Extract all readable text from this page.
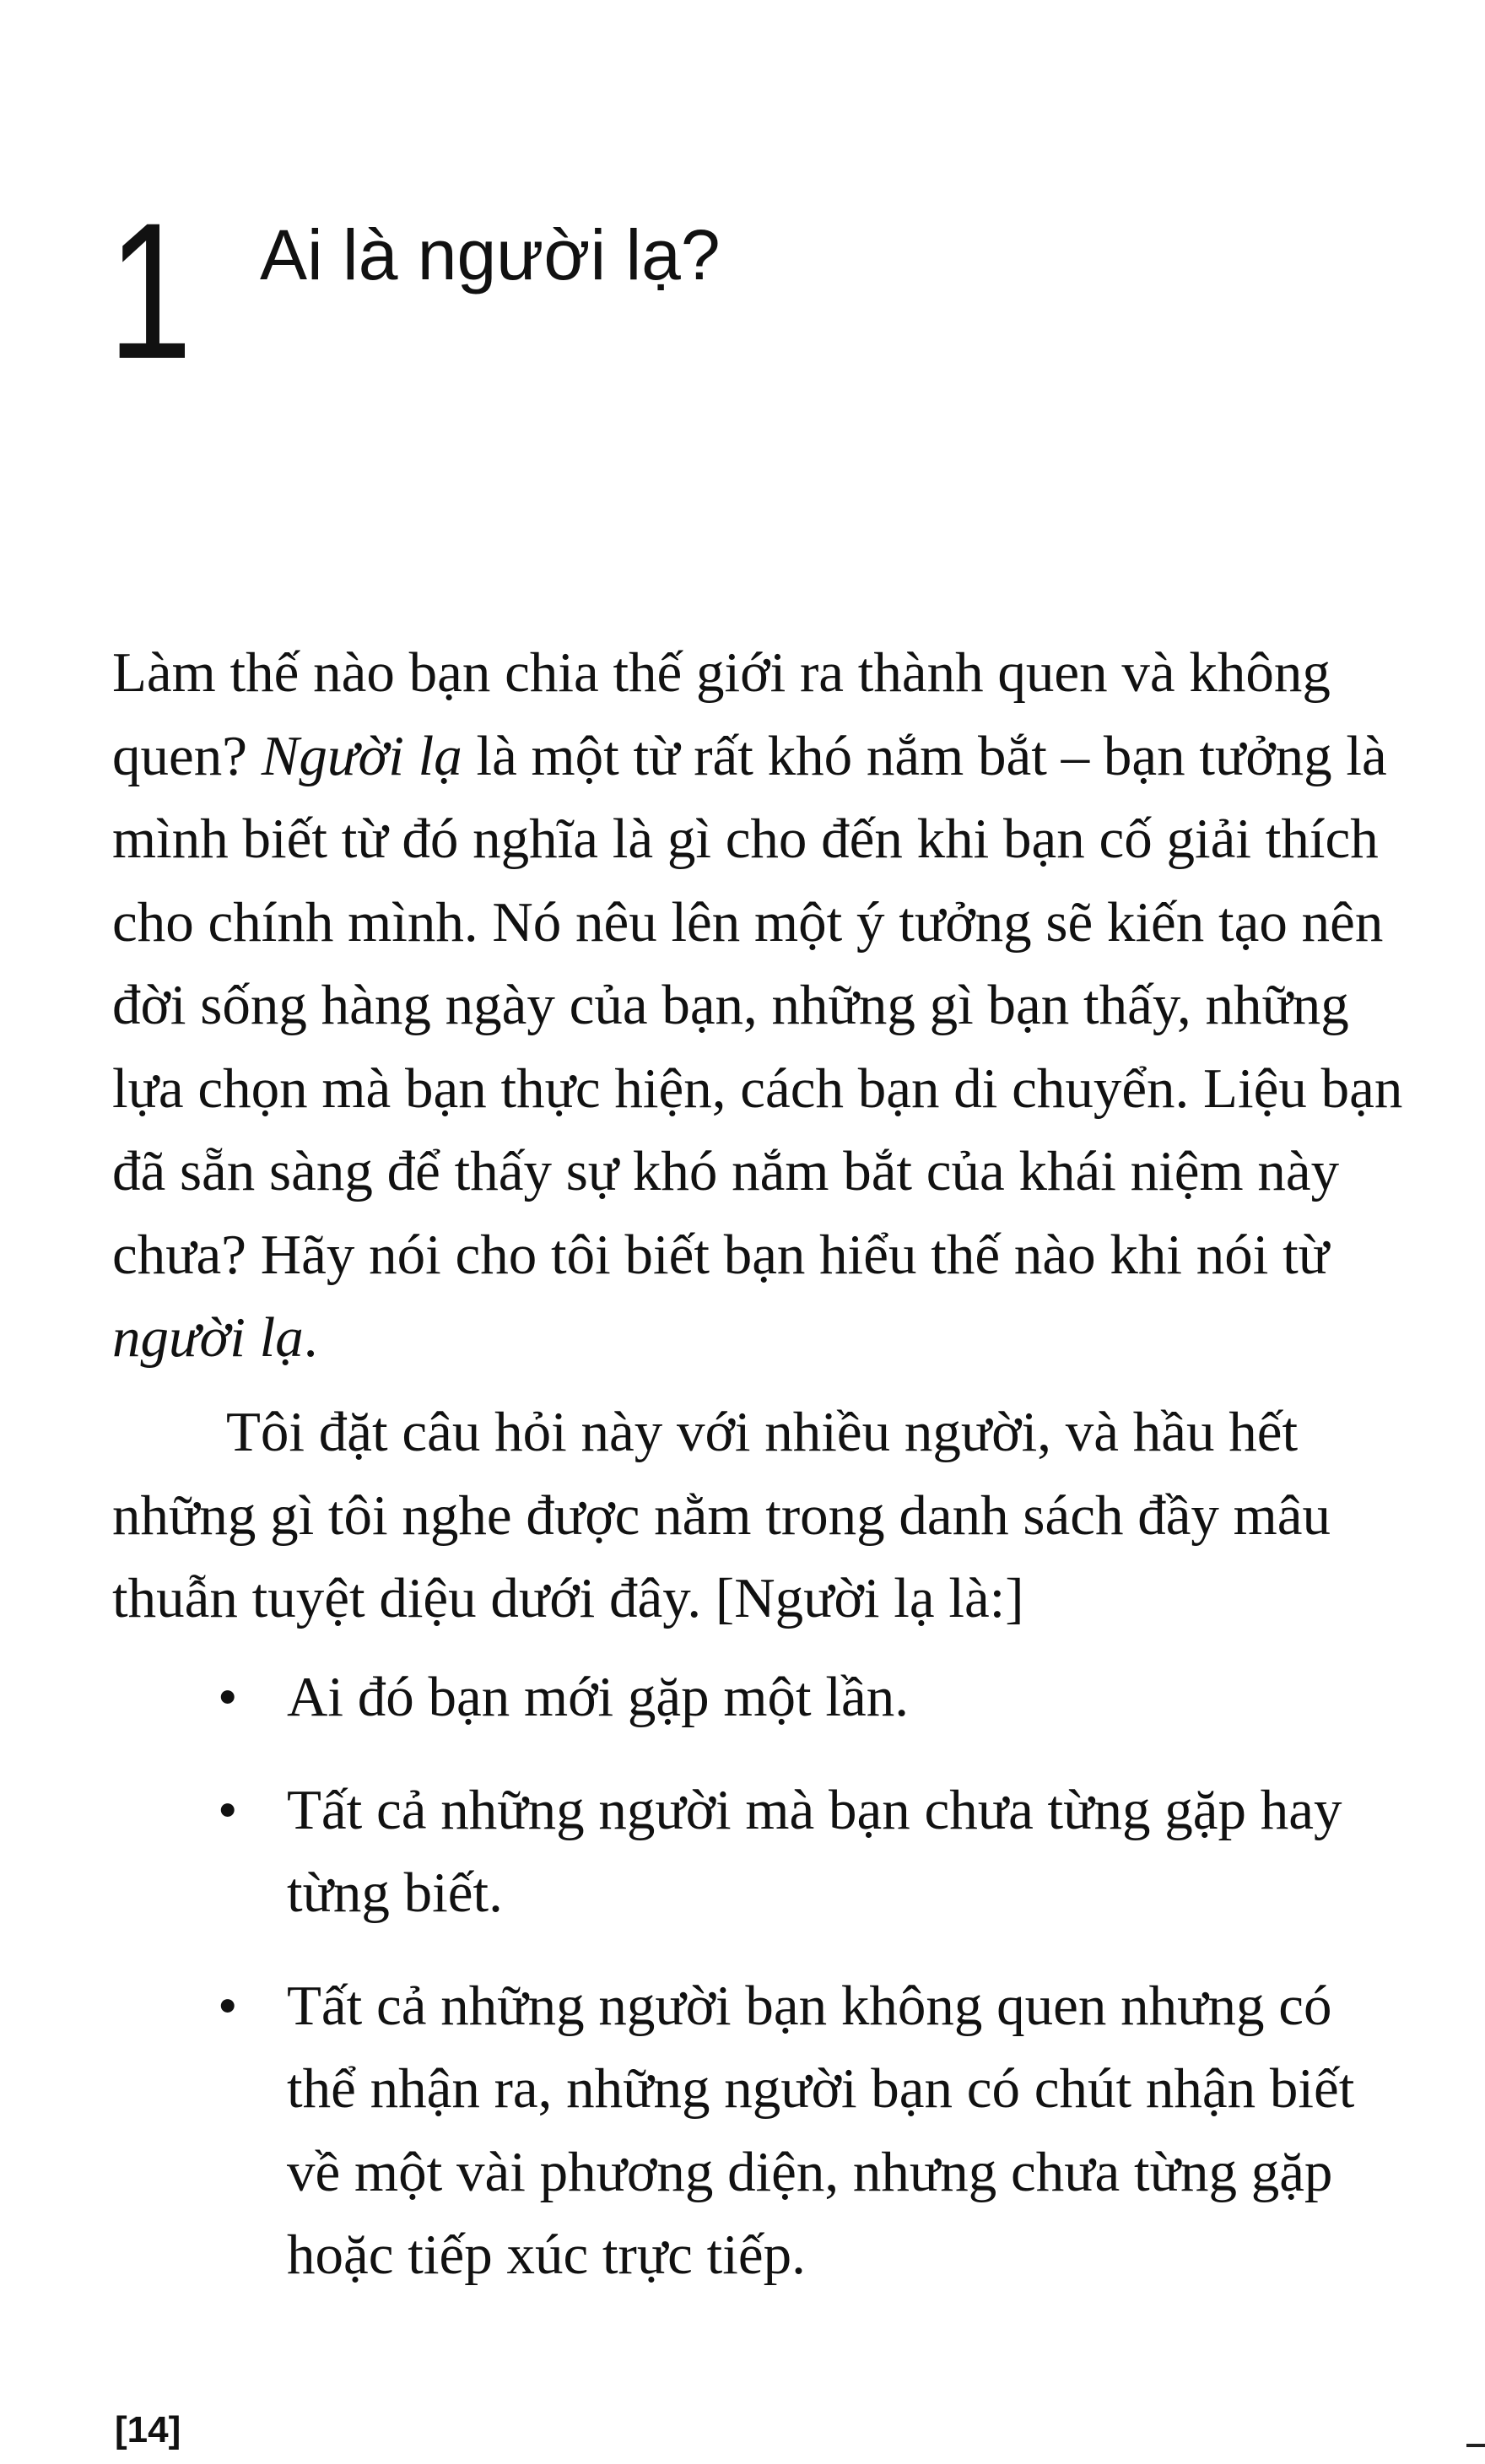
1 Ai là người lạ?

Làm thế nào bạn chia thế giới ra thành quen và không quen? Người lạ là một từ rất khó nắm bắt – bạn tưởng là mình biết từ đó nghĩa là gì cho đến khi bạn cố giải thích cho chính mình. Nó nêu lên một ý tưởng sẽ kiến tạo nên đời sống hàng ngày của bạn, những gì bạn thấy, những lựa chọn mà bạn thực hiện, cách bạn di chuyển. Liệu bạn đã sẵn sàng để thấy sự khó nắm bắt của khái niệm này chưa? Hãy nói cho tôi biết bạn hiểu thế nào khi nói từ người lạ.

Tôi đặt câu hỏi này với nhiều người, và hầu hết những gì tôi nghe được nằm trong danh sách đầy mâu thuẫn tuyệt diệu dưới đây. [Người lạ là:]

• Ai đó bạn mới gặp một lần.
• Tất cả những người mà bạn chưa từng gặp hay từng biết.
• Tất cả những người bạn không quen nhưng có thể nhận ra, những người bạn có chút nhận biết về một vài phương diện, nhưng chưa từng gặp hoặc tiếp xúc trực tiếp.
[14]
